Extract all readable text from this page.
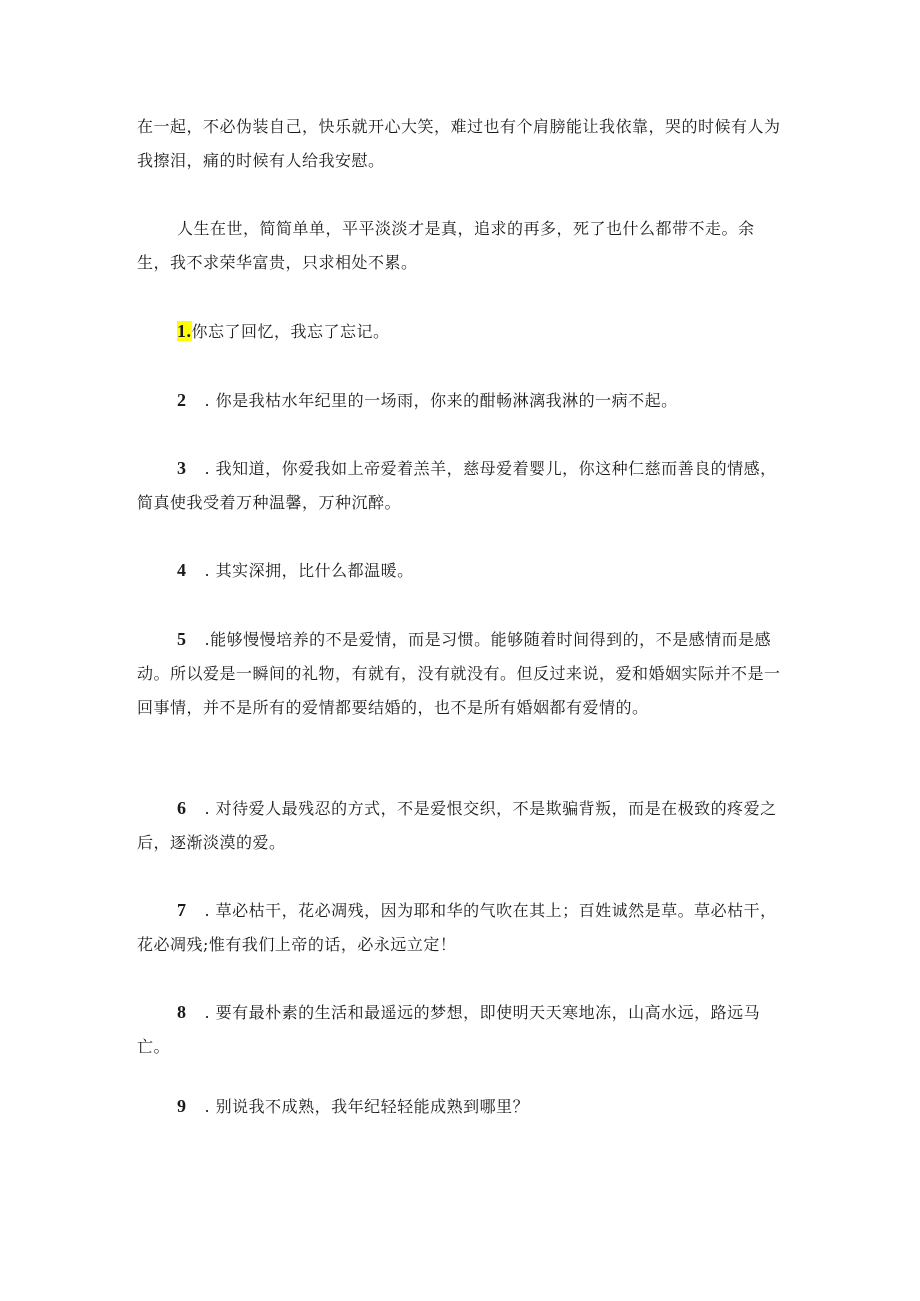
在一起，不必伪装自己，快乐就开心大笑，难过也有个肩膀能让我依靠，哭的时候有人为我擦泪，痛的时候有人给我安慰。

人生在世，简简单单，平平淡淡才是真，追求的再多，死了也什么都带不走。余生，我不求荣华富贵，只求相处不累。

1.你忘了回忆，我忘了忘记。

2 . 你是我枯水年纪里的一场雨，你来的酣畅淋漓我淋的一病不起。

3 . 我知道，你爱我如上帝爱着羔羊，慈母爱着婴儿，你这种仁慈而善良的情感，简真使我受着万种温馨，万种沉醉。

4 . 其实深拥，比什么都温暖。

5 .能够慢慢培养的不是爱情，而是习惯。能够随着时间得到的，不是感情而是感动。所以爱是一瞬间的礼物，有就有，没有就没有。但反过来说，爱和婚姻实际并不是一回事情，并不是所有的爱情都要结婚的，也不是所有婚姻都有爱情的。

6 . 对待爱人最残忍的方式，不是爱恨交织，不是欺骗背叛，而是在极致的疼爱之后，逐渐淡漠的爱。

7 . 草必枯干，花必凋残，因为耶和华的气吹在其上；百姓诚然是草。草必枯干，花必凋残;惟有我们上帝的话，必永远立定！

8 . 要有最朴素的生活和最遥远的梦想，即使明天天寒地冻，山高水远，路远马亡。

9 . 别说我不成熟，我年纪轻轻能成熟到哪里？
